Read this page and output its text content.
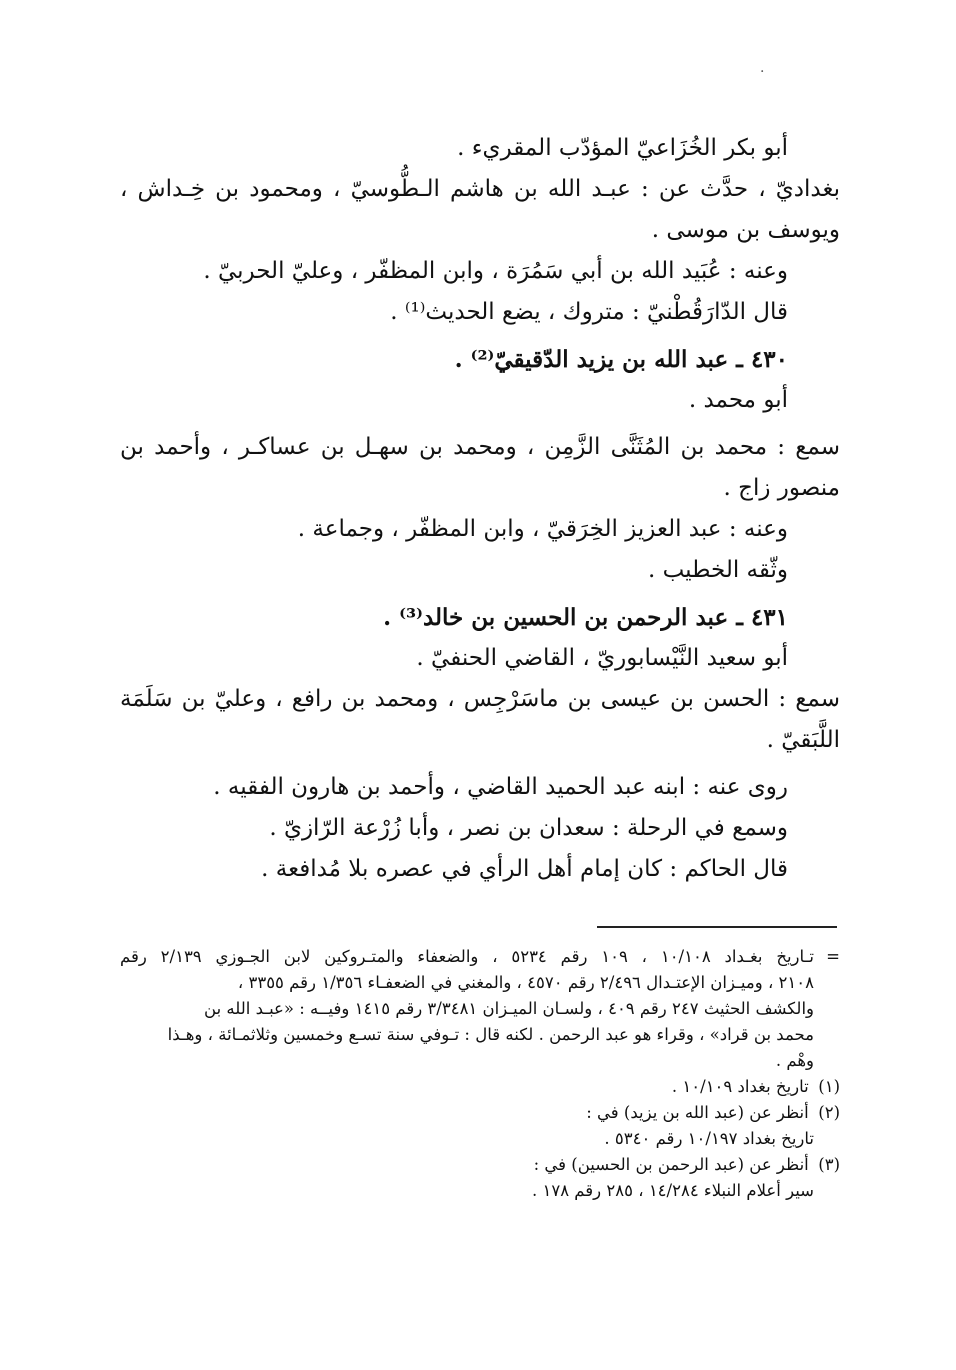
·
أبو بكر الخُزَاعيّ المؤدّب المقريء .
بغداديّ ، حدَّث عن : عبـد الله بن هاشم الـطُّوسيّ ، ومحمود بن خِـداش ،
ويوسف بن موسى .
وعنه : عُبَيد الله بن أبي سَمُرَة ، وابن المظفّر ، وعليّ الحربيّ .
قال الدّارَقُطْنيّ : متروك ، يضع الحديث⁽¹⁾ .
٤٣٠ ـ عبد الله بن يزيد الدّقيقيّ⁽²⁾ .
أبو محمد .
سمع : محمد بن المُثَنَّى الزَّمِن ، ومحمد بن سهـل بن عساكـر ، وأحمد بن
منصور زاج .
وعنه : عبد العزيز الخِرَقيّ ، وابن المظفّر ، وجماعة .
وثّقه الخطيب .
٤٣١ ـ عبد الرحمن بن الحسين بن خالد⁽³⁾ .
أبو سعيد النَّيْسابوريّ ، القاضي الحنفيّ .
سمع : الحسن بن عيسى بن ماسَرْجِس ، ومحمد بن رافع ، وعليّ بن سَلَمَة
اللَّبَقيّ .
روى عنه : ابنه عبد الحميد القاضي ، وأحمد بن هارون الفقيه .
وسمع في الرحلة : سعدان بن نصر ، وأبا زُرْعة الرّازيّ .
قال الحاكم : كان إمام أهل الرأي في عصره بلا مُدافعة .
=تـاريخ بغـداد ١٠/١٠٨ ، ١٠٩ رقم ٥٢٣٤ ، والضعفاء والمتـروكين لابن الجـوزي ٢/١٣٩ رقم
٢١٠٨ ، وميـزان الإعتـدال ٢/٤٩٦ رقم ٤٥٧٠ ، والمغني في الضعفـاء ١/٣٥٦ رقم ٣٣٥٥ ،
والكشف الحثيث ٢٤٧ رقم ٤٠٩ ، ولسـان الميـزان ٣/٣٤٨١ رقم ١٤١٥ وفيــه : «عبـد الله بن
محمد بن قراد» ، وقراء هو عبد الرحمن . لكنه قال : تـوفي سنة تسـع وخمسين وثلاثمـائة ، وهـذا
وهْم .
(١) تاريخ بغداد ١٠/١٠٩ .
(٢) أنظر عن (عبد الله بن يزيد) في :
تاريخ بغداد ١٠/١٩٧ رقم ٥٣٤٠ .
(٣) أنظر عن (عبد الرحمن بن الحسين) في :
سير أعلام النبلاء ١٤/٢٨٤ ، ٢٨٥ رقم ١٧٨ .
